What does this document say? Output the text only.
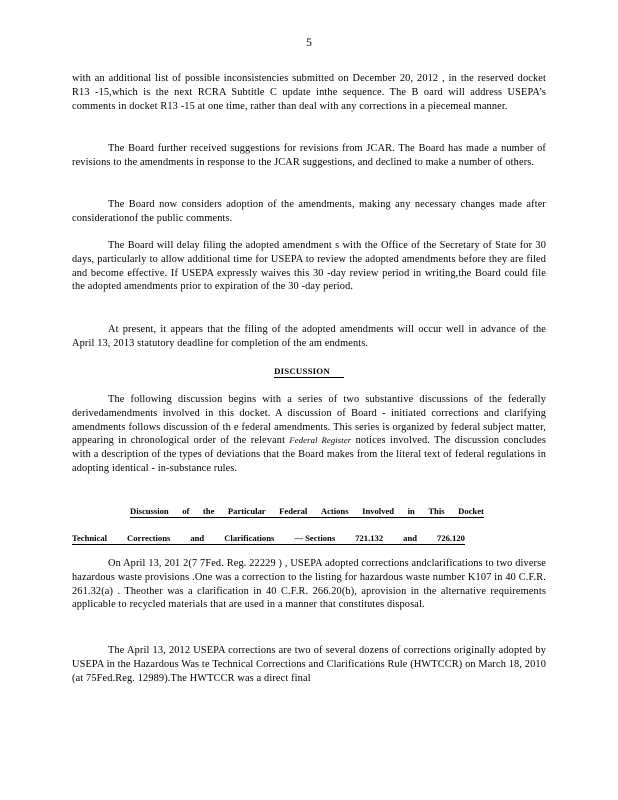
5
with an additional list of possible inconsistencies submitted on December 20, 2012 , in the reserved docket R13 -15,which is the next RCRA Subtitle C update inthe sequence. The B oard will address USEPA’s comments in docket R13 -15 at one time, rather than deal with any corrections in a piecemeal manner.
The Board further received suggestions for revisions from JCAR. The Board has made a number of revisions to the amendments in response to the JCAR suggestions, and declined to make a number of others.
The Board now considers adoption of the amendments, making any necessary changes made after considerationof the public comments.
The Board will delay filing the adopted amendment s with the Office of the Secretary of State for 30 days, particularly to allow additional time for USEPA to review the adopted amendments before they are filed and become effective. If USEPA expressly waives this 30 -day review period in writing,the Board could file the adopted amendments prior to expiration of the 30 -day period.
At present, it appears that the filing of the adopted amendments will occur well in advance of the April 13, 2013 statutory deadline for completion of the am endments.
DISCUSSION
The following discussion begins with a series of two substantive discussions of the federally derivedamendments involved in this docket. A discussion of Board - initiated corrections and clarifying amendments follows discussion of th e federal amendments. This series is organized by federal subject matter, appearing in chronological order of the relevant Federal Register notices involved. The discussion concludes with a description of the types of deviations that the Board makes from the literal text of federal regulations in adopting identical - in-substance rules.
Discussion of the Particular Federal Actions Involved in This Docket
Technical Corrections and Clarifications — Sections 721.132 and 726.120
On April 13, 201 2(7 7Fed. Reg. 22229 ) , USEPA adopted corrections andclarifications to two diverse hazardous waste provisions .One was a correction to the listing for hazardous waste number K107 in 40 C.F.R. 261.32(a) . Theother was a clarification in 40 C.F.R. 266.20(b), aprovision in the alternative requirements applicable to recycled materials that are used in a manner that constitutes disposal.
The April 13, 2012 USEPA corrections are two of several dozens of corrections originally adopted by USEPA in the Hazardous Was te Technical Corrections and Clarifications Rule (HWTCCR) on March 18, 2010 (at 75Fed.Reg. 12989).The HWTCCR was a direct final
